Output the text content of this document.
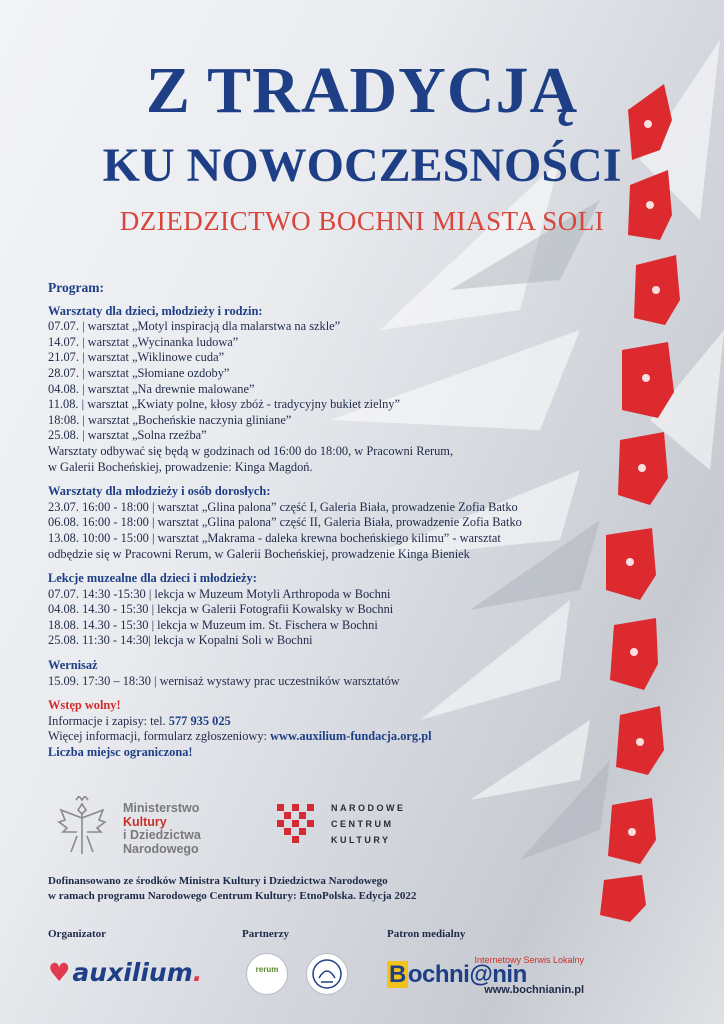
Z TRADYCJĄ
KU NOWOCZESNOŚCI
DZIEDZICTWO BOCHNI MIASTA SOLI
Program:
Warsztaty dla dzieci, młodzieży i rodzin:
07.07. | warsztat „Motyl inspiracją dla malarstwa na szkle”
14.07. | warsztat „Wycinanka ludowa”
21.07. | warsztat „Wiklinowe cuda”
28.07. | warsztat „Słomiane ozdoby”
04.08. | warsztat „Na drewnie malowane”
11.08. | warsztat „Kwiaty polne, kłosy zbóż - tradycyjny bukiet zielny”
18:08. | warsztat „Bocheńskie naczynia gliniane”
25.08. | warsztat „Solna rzeźba”
Warsztaty odbywać się będą w godzinach od 16:00 do 18:00, w Pracowni Rerum,
w Galerii Bocheńskiej, prowadzenie: Kinga Magdoń.
Warsztaty dla młodzieży i osób dorosłych:
23.07. 16:00 - 18:00 | warsztat „Glina palona” część I, Galeria Biała, prowadzenie Zofia Batko
06.08. 16:00 - 18:00 | warsztat „Glina palona” część II, Galeria Biała, prowadzenie Zofia Batko
13.08. 10:00 - 15:00 | warsztat „Makrama - daleka krewna bocheńskiego kilimu” - warsztat
odbędzie się w Pracowni Rerum, w Galerii Bocheńskiej, prowadzenie Kinga Bieniek
Lekcje muzealne dla dzieci i młodzieży:
07.07. 14:30 -15:30 | lekcja w Muzeum Motyli Arthropoda w Bochni
04.08. 14.30 - 15:30 | lekcja w Galerii Fotografii Kowalsky w Bochni
18.08. 14.30 - 15:30 | lekcja w Muzeum im. St. Fischera w Bochni
25.08. 11:30 - 14:30| lekcja w Kopalni Soli w Bochni
Wernisaż
15.09. 17:30 – 18:30 | wernisaż wystawy prac uczestników warsztatów
Wstęp wolny!
Informacje i zapisy: tel. 577 935 025
Więcej informacji, formularz zgłoszeniowy: www.auxilium-fundacja.org.pl
Liczba miejsc ograniczona!
Ministerstwo
Kultury
i Dziedzictwa
Narodowego
NARODOWE
CENTRUM
KULTURY
Dofinansowano ze środków Ministra Kultury i Dziedzictwa Narodowego
w ramach programu Narodowego Centrum Kultury: EtnoPolska. Edycja 2022
Organizator	Partnerzy	Patron medialny
♥auxilium.	rerum
Internetowy Serwis Lokalny
Bochni@nin
www.bochnianin.pl
